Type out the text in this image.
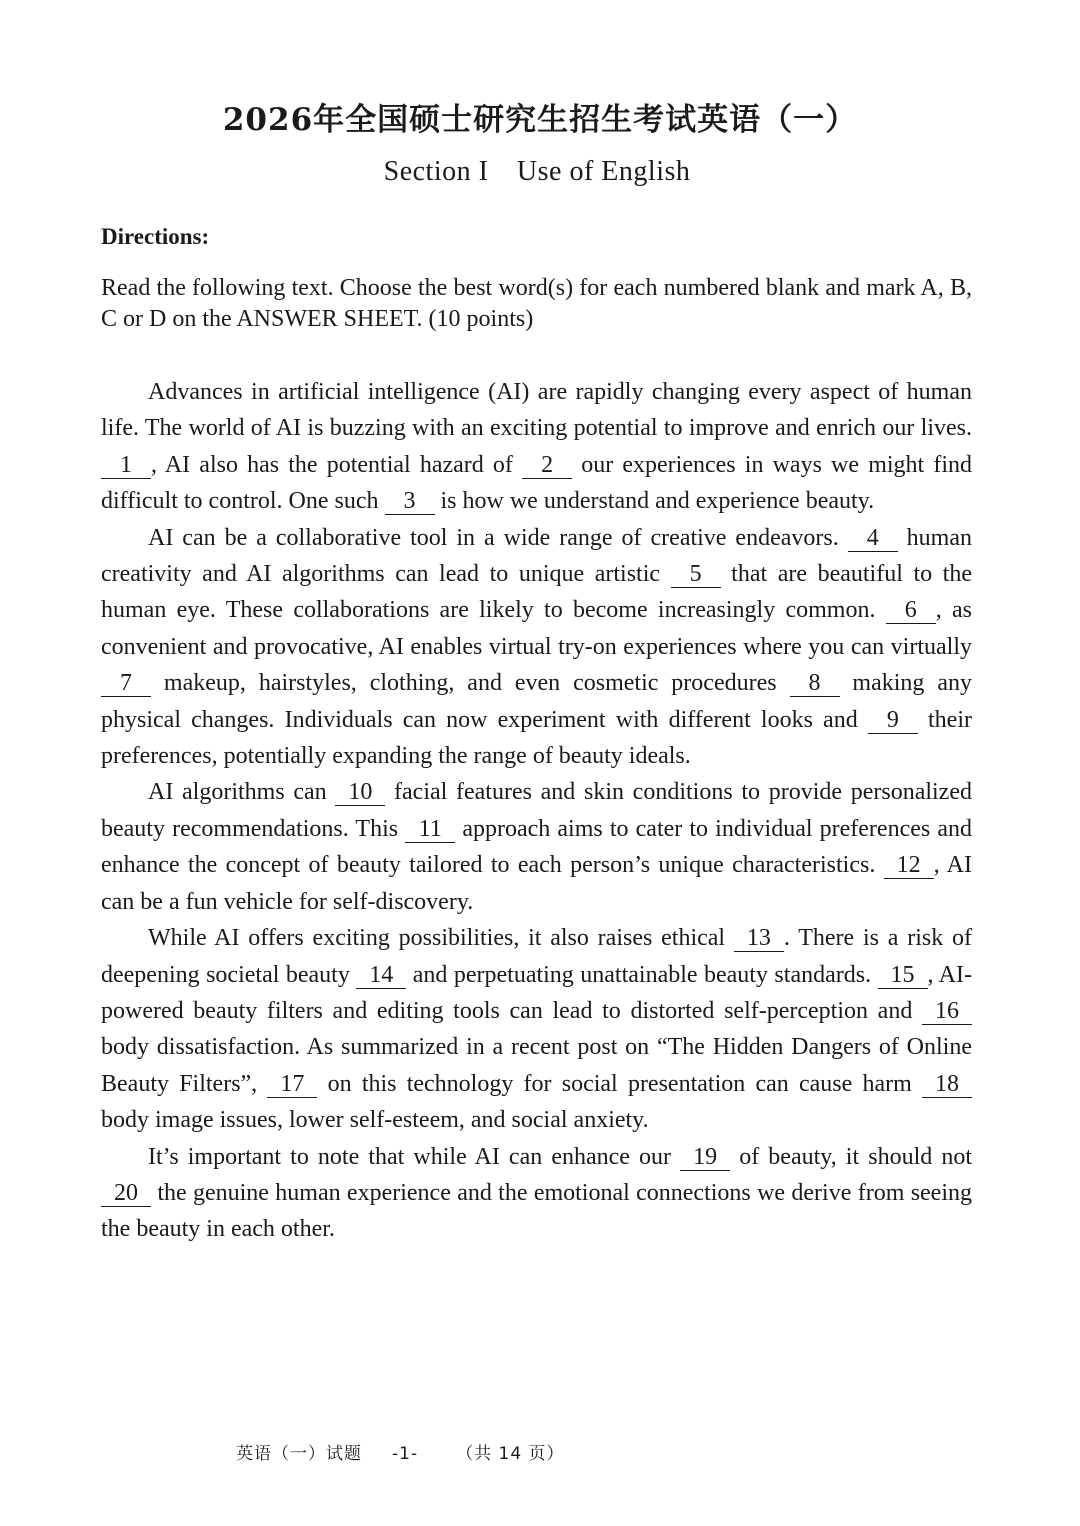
2026年全国硕士研究生招生考试英语（一）
Section I Use of English
Directions:
Read the following text. Choose the best word(s) for each numbered blank and mark A, B, C or D on the ANSWER SHEET. (10 points)

Advances in artificial intelligence (AI) are rapidly changing every aspect of human life. The world of AI is buzzing with an exciting potential to improve and enrich our lives. 1 , AI also has the potential hazard of 2 our experiences in ways we might find difficult to control. One such 3 is how we understand and experience beauty.

AI can be a collaborative tool in a wide range of creative endeavors. 4 human creativity and AI algorithms can lead to unique artistic 5 that are beautiful to the human eye. These collaborations are likely to become increasingly common. 6 , as convenient and provocative, AI enables virtual try-on experiences where you can virtually 7 makeup, hairstyles, clothing, and even cosmetic procedures 8 making any physical changes. Individuals can now experiment with different looks and 9 their preferences, potentially expanding the range of beauty ideals.

AI algorithms can 10 facial features and skin conditions to provide personalized beauty recommendations. This 11 approach aims to cater to individual preferences and enhance the concept of beauty tailored to each person’s unique characteristics. 12 , AI can be a fun vehicle for self-discovery.

While AI offers exciting possibilities, it also raises ethical 13 . There is a risk of deepening societal beauty 14 and perpetuating unattainable beauty standards. 15 , AI-powered beauty filters and editing tools can lead to distorted self-perception and 16 body dissatisfaction. As summarized in a recent post on “The Hidden Dangers of Online Beauty Filters”, 17 on this technology for social presentation can cause harm 18 body image issues, lower self-esteem, and social anxiety.

It’s important to note that while AI can enhance our 19 of beauty, it should not 20 the genuine human experience and the emotional connections we derive from seeing the beauty in each other.

英语（一）试题 -1- （共 14 页）
